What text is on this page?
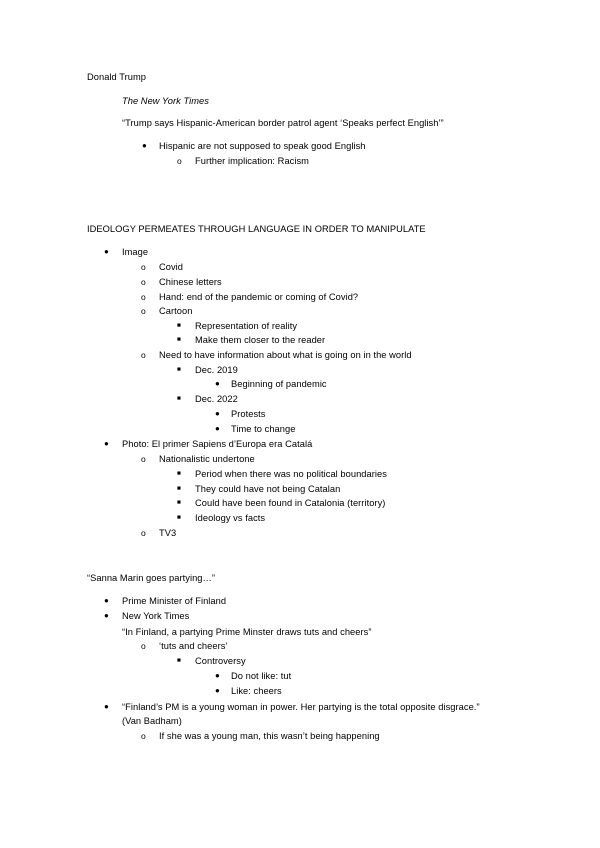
Donald Trump
The New York Times
“Trump says Hispanic-American border patrol agent ‘Speaks perfect English’”
● Hispanic are not supposed to speak good English
o Further implication: Racism
IDEOLOGY PERMEATES THROUGH LANGUAGE IN ORDER TO MANIPULATE
● Image
o Covid
o Chinese letters
o Hand: end of the pandemic or coming of Covid?
o Cartoon
■ Representation of reality
■ Make them closer to the reader
o Need to have information about what is going on in the world
■ Dec. 2019
● Beginning of pandemic
■ Dec. 2022
● Protests
● Time to change
● Photo: El primer Sapiens d’Europa era Catalá
o Nationalistic undertone
■ Period when there was no political boundaries
■ They could have not being Catalan
■ Could have been found in Catalonia (territory)
■ Ideology vs facts
o TV3
“Sanna Marin goes partying…”
● Prime Minister of Finland
● New York Times
“In Finland, a partying Prime Minster draws tuts and cheers”
o ‘tuts and cheers’
■ Controversy
● Do not like: tut
● Like: cheers
● “Finland’s PM is a young woman in power. Her partying is the total opposite disgrace.”
(Van Badham)
o If she was a young man, this wasn’t being happening
